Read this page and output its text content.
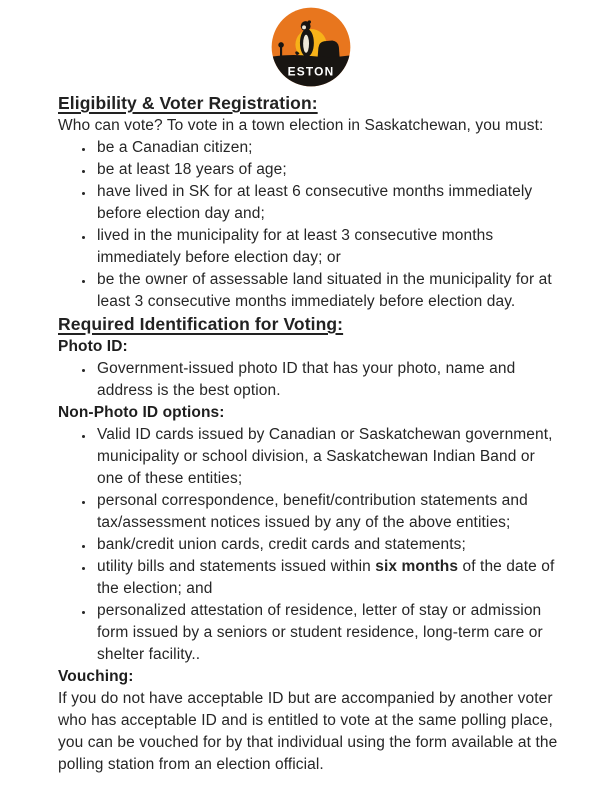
ESTON
Eligibility & Voter Registration:

Who can vote? To vote in a town election in Saskatchewan, you must:

• be a Canadian citizen;
• be at least 18 years of age;
• have lived in SK for at least 6 consecutive months immediately before election day and;
• lived in the municipality for at least 3 consecutive months immediately before election day; or
• be the owner of assessable land situated in the municipality for at least 3 consecutive months immediately before election day.
Required Identification for Voting:

Photo ID:

• Government-issued photo ID that has your photo, name and address is the best option.

Non-Photo ID options:

• Valid ID cards issued by Canadian or Saskatchewan government, municipality or school division, a Saskatchewan Indian Band or one of these entities;
• personal correspondence, benefit/contribution statements and tax/assessment notices issued by any of the above entities;
• bank/credit union cards, credit cards and statements;
• utility bills and statements issued within six months of the date of the election; and
• personalized attestation of residence, letter of stay or admission form issued by a seniors or student residence, long-term care or shelter facility..

Vouching:

If you do not have acceptable ID but are accompanied by another voter who has acceptable ID and is entitled to vote at the same polling place, you can be vouched for by that individual using the form available at the polling station from an election official.
